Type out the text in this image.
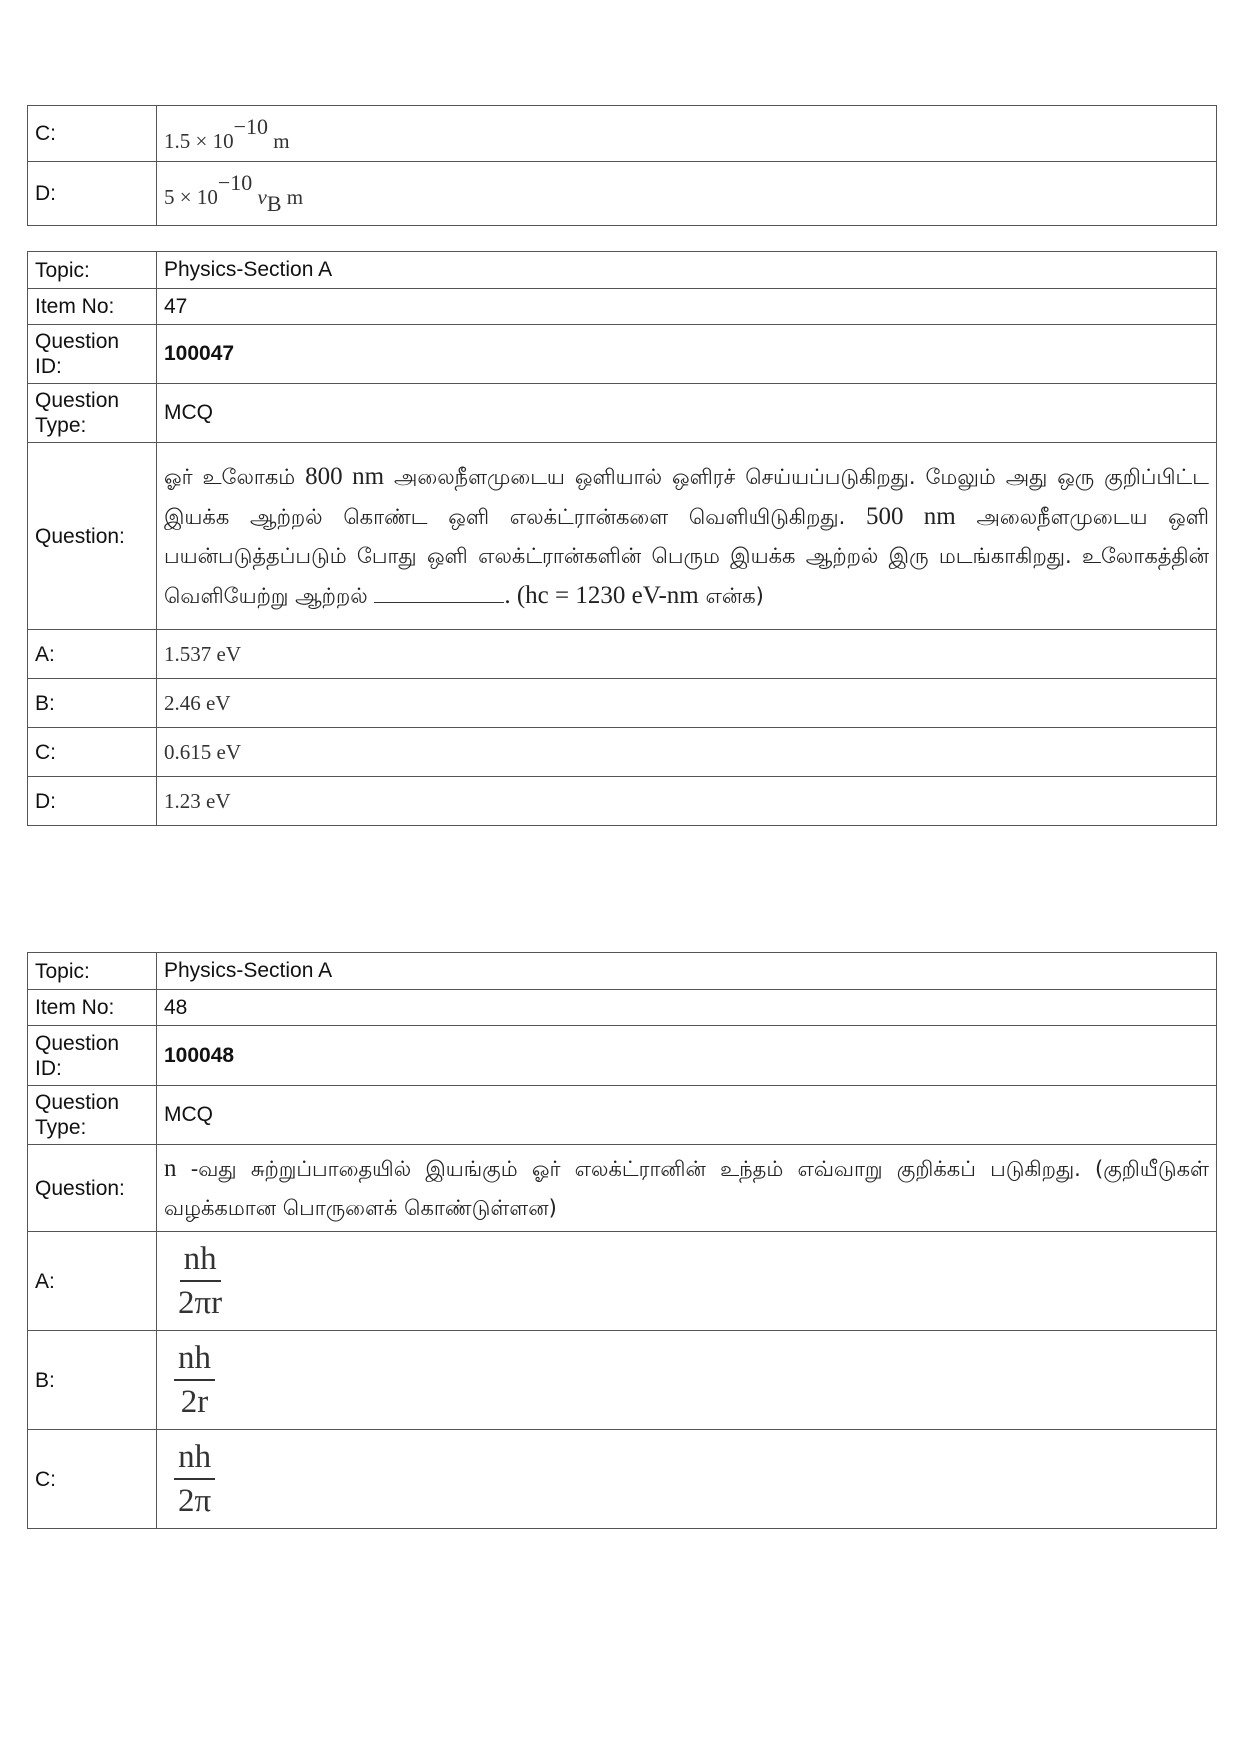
C:	$1.5 \times 10^{-10}$ m
D:	$5 \times 10^{-10}$ $v_B$ m
Topic:	Physics-Section A
Item No:	47
Question ID:	100047
Question Type:	MCQ
Question:	ஓர் உலோகம் 800 nm அலைநீளமுடைய ஒளியால் ஒளிரச் செய்யப்படுகிறது. மேலும் அது ஒரு குறிப்பிட்ட இயக்க ஆற்றல் கொண்ட ஒளி எலக்ட்ரான்களை வெளியிடுகிறது. 500 nm அலைநீளமுடைய ஒளி பயன்படுத்தப்படும் போது ஒளி எலக்ட்ரான்களின் பெரும இயக்க ஆற்றல் இரு மடங்காகிறது. உலோகத்தின் வெளியேற்று ஆற்றல் . (hc = 1230 eV-nm என்க)
A:	1.537 eV
B:	2.46 eV
C:	0.615 eV
D:	1.23 eV
Topic:	Physics-Section A
Item No:	48
Question ID:	100048
Question Type:	MCQ
Question:	n -வது சுற்றுப்பாதையில் இயங்கும் ஓர் எலக்ட்ரானின் உந்தம் எவ்வாறு குறிக்கப் படுகிறது. (குறியீடுகள் வழக்கமான பொருளைக் கொண்டுள்ளன)
A:	$\frac{nh}{2\pi r}$

B:	$\frac{nh}{2r}$

C:	$\frac{nh}{2\pi}$
